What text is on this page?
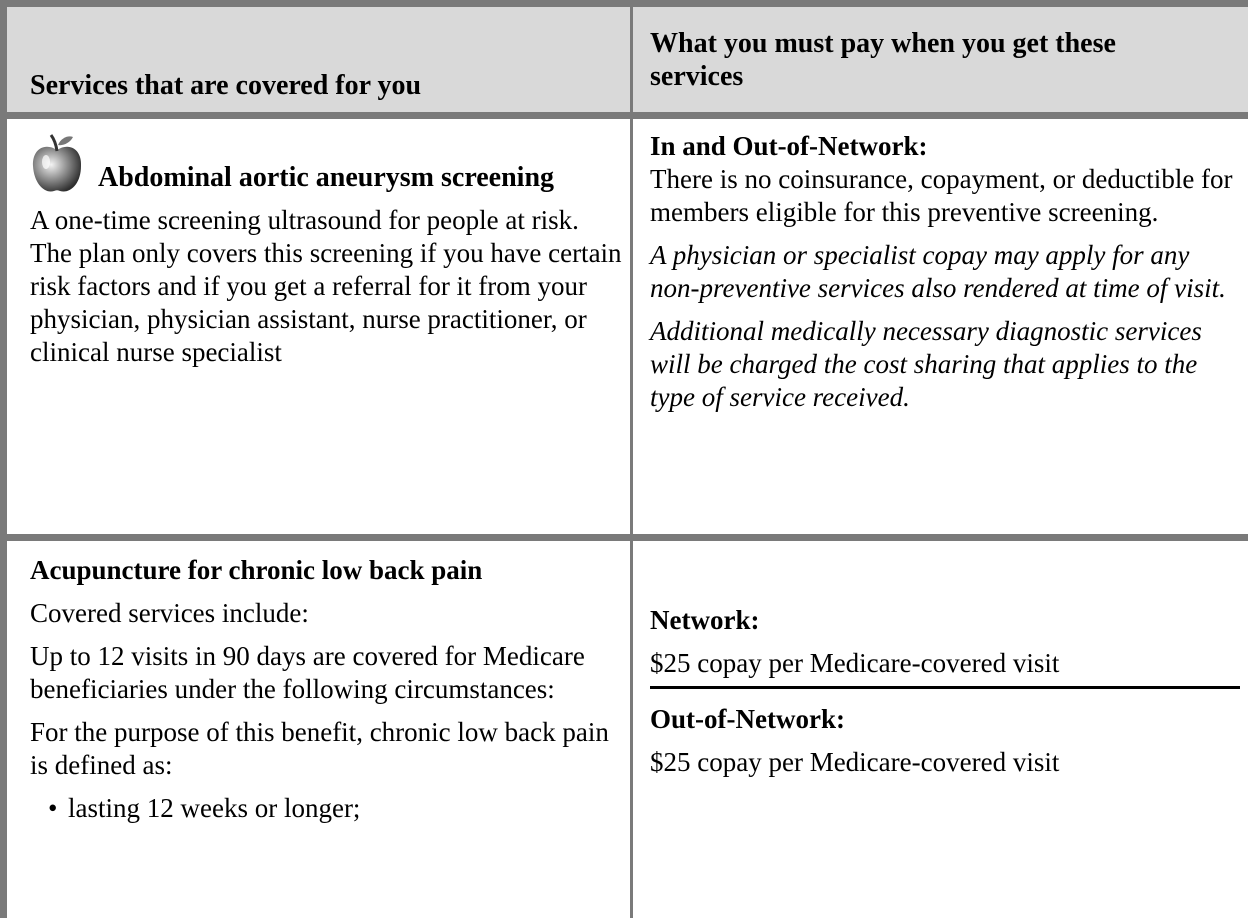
Services that are covered for you
What you must pay when you get these services
Abdominal aortic aneurysm screening

A one-time screening ultrasound for people at risk. The plan only covers this screening if you have certain risk factors and if you get a referral for it from your physician, physician assistant, nurse practitioner, or clinical nurse specialist

In and Out-of-Network:

There is no coinsurance, copayment, or deductible for members eligible for this preventive screening.

A physician or specialist copay may apply for any non-preventive services also rendered at time of visit.

Additional medically necessary diagnostic services will be charged the cost sharing that applies to the type of service received.

Acupuncture for chronic low back pain

Covered services include:

Up to 12 visits in 90 days are covered for Medicare beneficiaries under the following circumstances:

For the purpose of this benefit, chronic low back pain is defined as:

• lasting 12 weeks or longer;

Network:

$25 copay per Medicare-covered visit

Out-of-Network:

$25 copay per Medicare-covered visit
